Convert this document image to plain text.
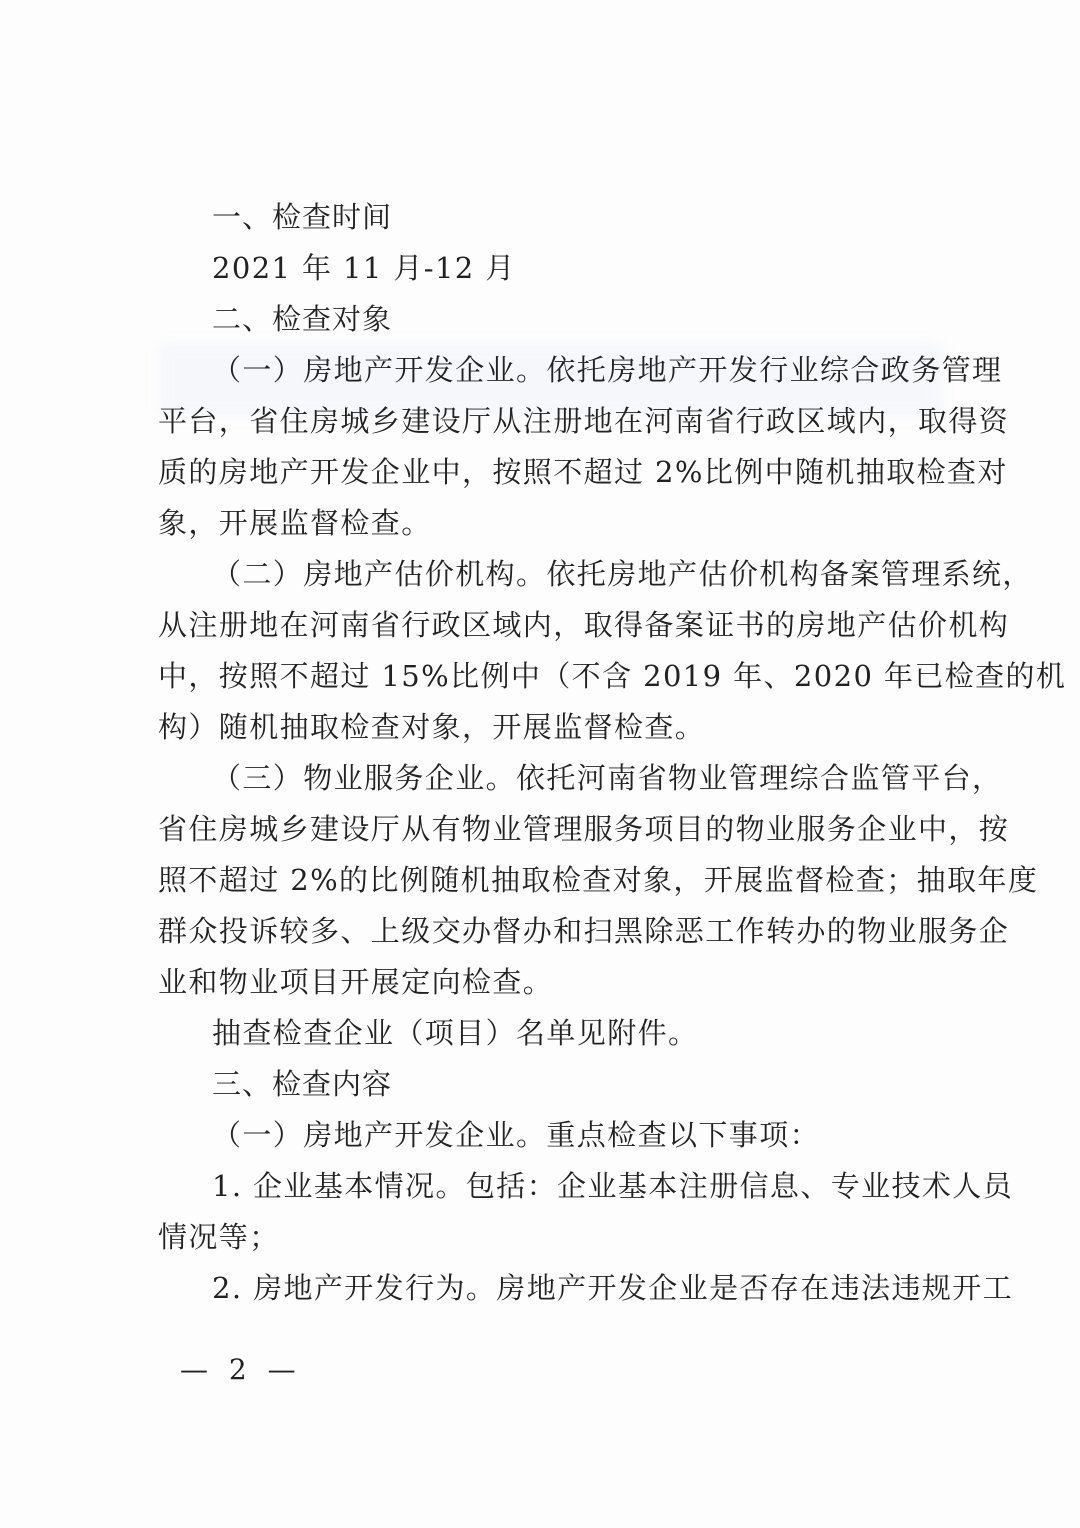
一、检查时间
2021 年 11 月-12 月
二、检查对象
（一）房地产开发企业。依托房地产开发行业综合政务管理
平台，省住房城乡建设厅从注册地在河南省行政区域内，取得资
质的房地产开发企业中，按照不超过 2%比例中随机抽取检查对
象，开展监督检查。
（二）房地产估价机构。依托房地产估价机构备案管理系统，
从注册地在河南省行政区域内，取得备案证书的房地产估价机构
中，按照不超过 15%比例中（不含 2019 年、2020 年已检查的机
构）随机抽取检查对象，开展监督检查。
（三）物业服务企业。依托河南省物业管理综合监管平台，
省住房城乡建设厅从有物业管理服务项目的物业服务企业中，按
照不超过 2%的比例随机抽取检查对象，开展监督检查；抽取年度
群众投诉较多、上级交办督办和扫黑除恶工作转办的物业服务企
业和物业项目开展定向检查。
抽查检查企业（项目）名单见附件。
三、检查内容
（一）房地产开发企业。重点检查以下事项：
1. 企业基本情况。包括：企业基本注册信息、专业技术人员
情况等；
2. 房地产开发行为。房地产开发企业是否存在违法违规开工
— 2 —
